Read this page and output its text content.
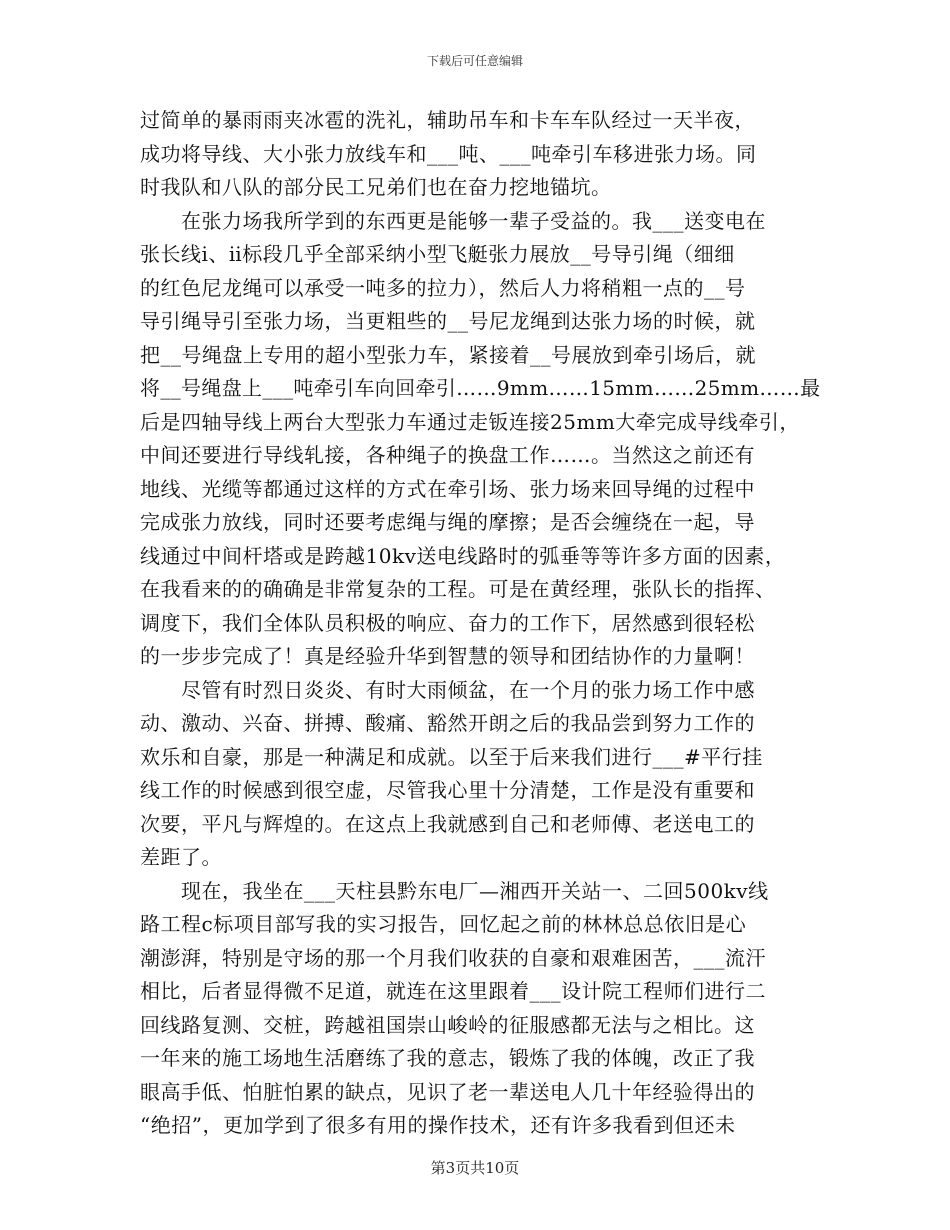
下载后可任意编辑
过简单的暴雨雨夹冰雹的洗礼，辅助吊车和卡车车队经过一天半夜，
成功将导线、大小张力放线车和___吨、___吨牵引车移进张力场。同
时我队和八队的部分民工兄弟们也在奋力挖地锚坑。
　　在张力场我所学到的东西更是能够一辈子受益的。我___送变电在
张长线ⅰ、ⅱ标段几乎全部采纳小型飞艇张力展放__号导引绳（细细
的红色尼龙绳可以承受一吨多的拉力），然后人力将稍粗一点的__号
导引绳导引至张力场，当更粗些的__号尼龙绳到达张力场的时候，就
把__号绳盘上专用的超小型张力车，紧接着__号展放到牵引场后，就
将__号绳盘上___吨牵引车向回牵引……9mm……15mm……25mm……最
后是四轴导线上两台大型张力车通过走钣连接25mm大牵完成导线牵引，
中间还要进行导线轧接，各种绳子的换盘工作……。当然这之前还有
地线、光缆等都通过这样的方式在牵引场、张力场来回导绳的过程中
完成张力放线，同时还要考虑绳与绳的摩擦；是否会缠绕在一起，导
线通过中间杆塔或是跨越10kv送电线路时的弧垂等等许多方面的因素，
在我看来的的确确是非常复杂的工程。可是在黄经理，张队长的指挥、
调度下，我们全体队员积极的响应、奋力的工作下，居然感到很轻松
的一步步完成了！真是经验升华到智慧的领导和团结协作的力量啊！
　　尽管有时烈日炎炎、有时大雨倾盆，在一个月的张力场工作中感
动、激动、兴奋、拼搏、酸痛、豁然开朗之后的我品尝到努力工作的
欢乐和自豪，那是一种满足和成就。以至于后来我们进行___#平行挂
线工作的时候感到很空虚，尽管我心里十分清楚，工作是没有重要和
次要，平凡与辉煌的。在这点上我就感到自己和老师傅、老送电工的
差距了。
　　现在，我坐在___天柱县黔东电厂—湘西开关站一、二回500kv线
路工程c标项目部写我的实习报告，回忆起之前的林林总总依旧是心
潮澎湃，特别是守场的那一个月我们收获的自豪和艰难困苦，___流汗
相比，后者显得微不足道，就连在这里跟着___设计院工程师们进行二
回线路复测、交桩，跨越祖国崇山峻岭的征服感都无法与之相比。这
一年来的施工场地生活磨练了我的意志，锻炼了我的体魄，改正了我
眼高手低、怕脏怕累的缺点，见识了老一辈送电人几十年经验得出的
“绝招”，更加学到了很多有用的操作技术，还有许多我看到但还未
第3页共10页
